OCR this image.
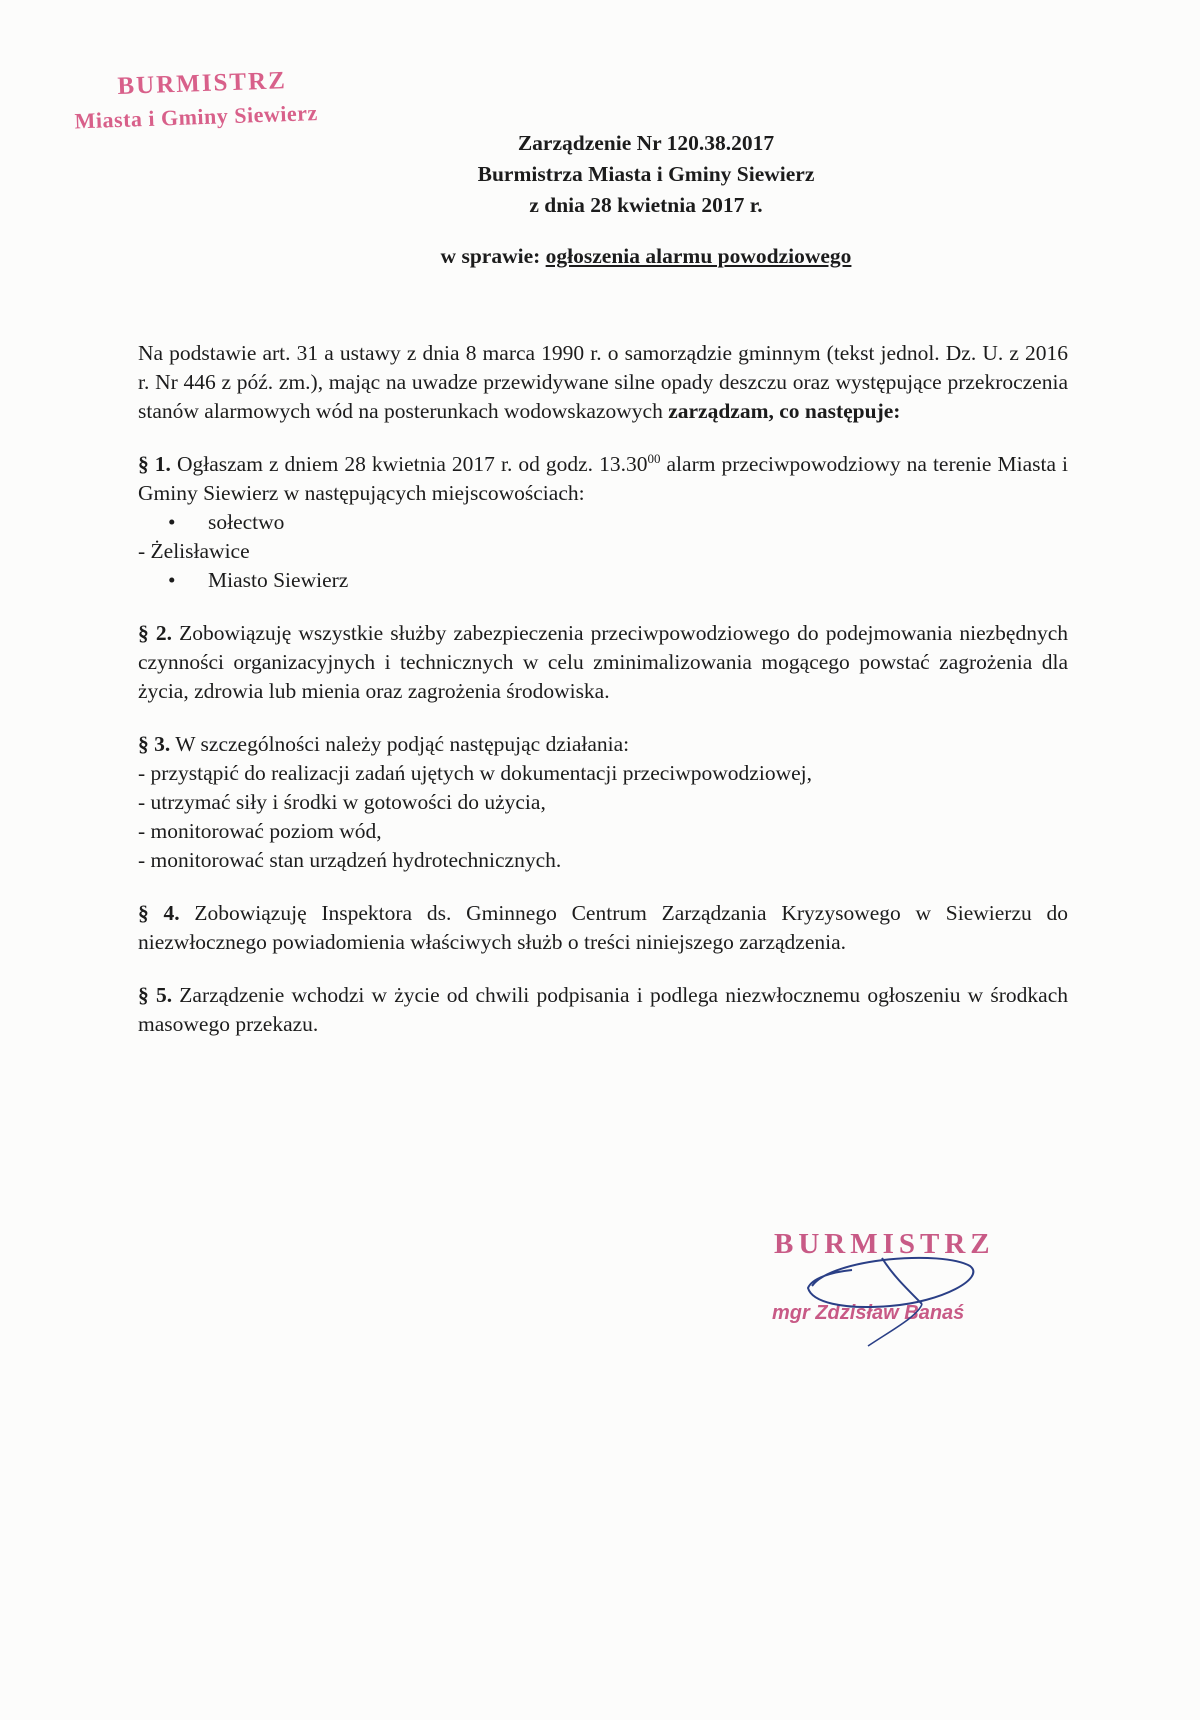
BURMISTRZ
Miasta i Gminy Siewierz
Zarządzenie Nr 120.38.2017
Burmistrza Miasta i Gminy Siewierz
z dnia 28 kwietnia 2017 r.
w sprawie: ogłoszenia alarmu powodziowego
Na podstawie art. 31 a ustawy z dnia 8 marca 1990 r. o samorządzie gminnym (tekst jednol. Dz. U. z 2016 r. Nr 446 z póź. zm.), mając na uwadze przewidywane silne opady deszczu oraz występujące przekroczenia stanów alarmowych wód na posterunkach wodowskazowych zarządzam, co następuje:
§ 1. Ogłaszam z dniem 28 kwietnia 2017 r. od godz. 13.30$^{00}$ alarm przeciwpowodziowy na terenie Miasta i Gminy Siewierz w następujących miejscowościach:
• sołectwo
- Żelisławice
• Miasto Siewierz
§ 2. Zobowiązuję wszystkie służby zabezpieczenia przeciwpowodziowego do podejmowania niezbędnych czynności organizacyjnych i technicznych w celu zminimalizowania mogącego powstać zagrożenia dla życia, zdrowia lub mienia oraz zagrożenia środowiska.
§ 3. W szczególności należy podjąć następując działania:
- przystąpić do realizacji zadań ujętych w dokumentacji przeciwpowodziowej,
- utrzymać siły i środki w gotowości do użycia,
- monitorować poziom wód,
- monitorować stan urządzeń hydrotechnicznych.
§ 4. Zobowiązuję Inspektora ds. Gminnego Centrum Zarządzania Kryzysowego w Siewierzu do niezwłocznego powiadomienia właściwych służb o treści niniejszego zarządzenia.
§ 5. Zarządzenie wchodzi w życie od chwili podpisania i podlega niezwłocznemu ogłoszeniu w środkach masowego przekazu.
BURMISTRZ
mgr Zdzisław Banaś
